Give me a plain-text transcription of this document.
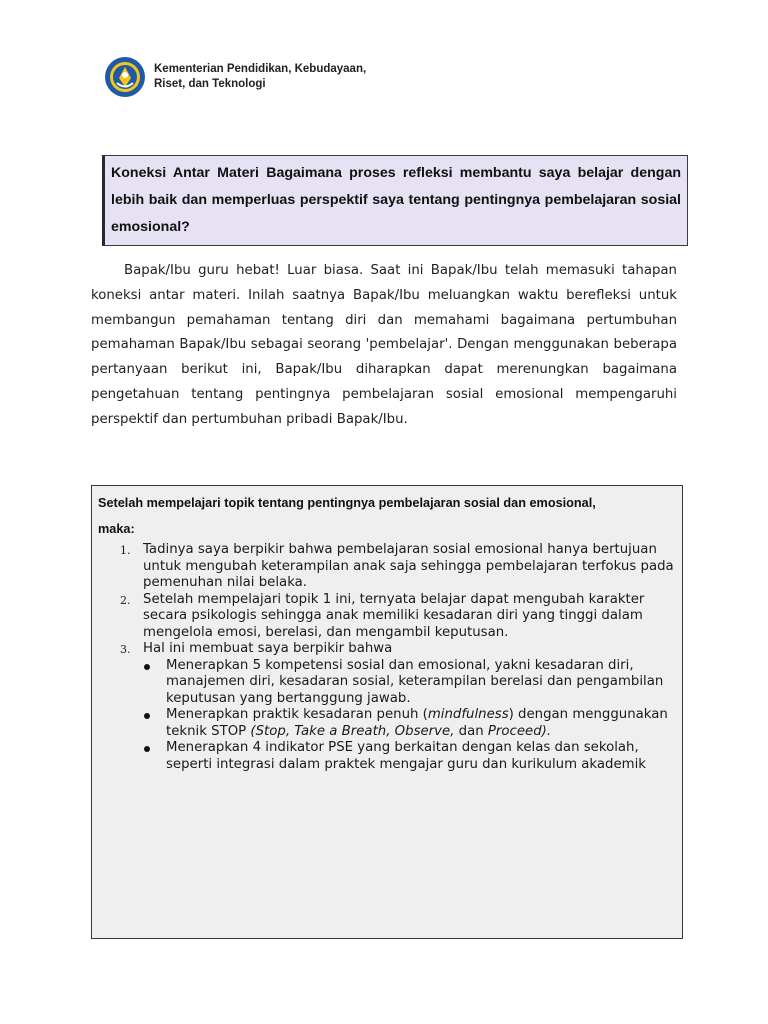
Kementerian Pendidikan, Kebudayaan,
Riset, dan Teknologi

Koneksi Antar Materi Bagaimana proses refleksi membantu saya belajar dengan lebih baik dan memperluas perspektif saya tentang pentingnya pembelajaran sosial emosional?

Bapak/Ibu guru hebat! Luar biasa. Saat ini Bapak/Ibu telah memasuki tahapan koneksi antar materi. Inilah saatnya Bapak/Ibu meluangkan waktu berefleksi untuk membangun pemahaman tentang diri dan memahami bagaimana pertumbuhan pemahaman Bapak/Ibu sebagai seorang 'pembelajar'. Dengan menggunakan beberapa pertanyaan berikut ini, Bapak/Ibu diharapkan dapat merenungkan bagaimana pengetahuan tentang pentingnya pembelajaran sosial emosional mempengaruhi perspektif dan pertumbuhan pribadi Bapak/Ibu.

Setelah mempelajari topik tentang pentingnya pembelajaran sosial dan emosional,
maka:
1. Tadinya saya berpikir bahwa pembelajaran sosial emosional hanya bertujuan untuk mengubah keterampilan anak saja sehingga pembelajaran terfokus pada pemenuhan nilai belaka.
2. Setelah mempelajari topik 1 ini, ternyata belajar dapat mengubah karakter secara psikologis sehingga anak memiliki kesadaran diri yang tinggi dalam mengelola emosi, berelasi, dan mengambil keputusan.
3. Hal ini membuat saya berpikir bahwa
Menerapkan 5 kompetensi sosial dan emosional, yakni kesadaran diri, manajemen diri, kesadaran sosial, keterampilan berelasi dan pengambilan keputusan yang bertanggung jawab.
Menerapkan praktik kesadaran penuh (mindfulness) dengan menggunakan teknik STOP (Stop, Take a Breath, Observe, dan Proceed).
Menerapkan 4 indikator PSE yang berkaitan dengan kelas dan sekolah, seperti integrasi dalam praktek mengajar guru dan kurikulum akademik
